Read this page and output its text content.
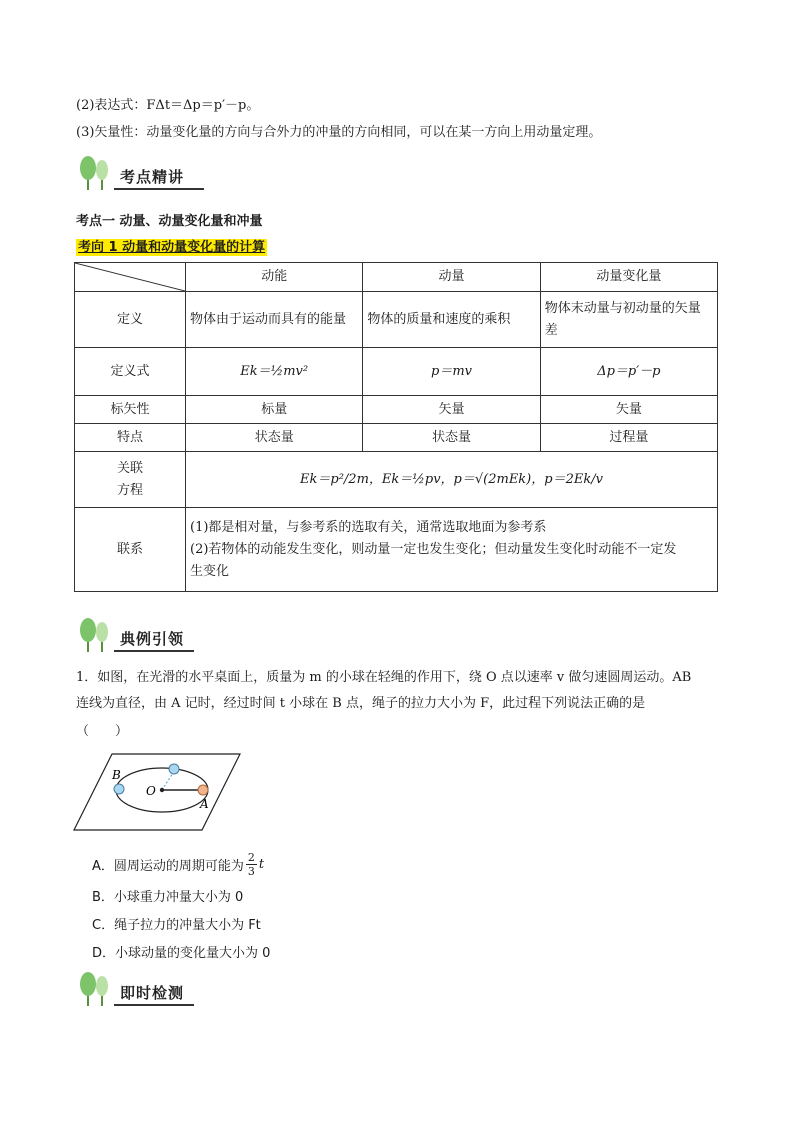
(2)表达式：FΔt＝Δp＝p′－p。
(3)矢量性：动量变化量的方向与合外力的冲量的方向相同，可以在某一方向上用动量定理。
考点精讲
考点一 动量、动量变化量和冲量
考向 1 动量和动量变化量的计算
	动能	动量	动量变化量
定义	物体由于运动而具有的能量	物体的质量和速度的乘积	物体末动量与初动量的矢量差
定义式	Ek＝½mv²	p＝mv	Δp＝p′－p
标矢性	标量	矢量	矢量
特点	状态量	状态量	过程量

关联
方程	Ek＝p²/2m，Ek＝½pv，p＝√(2mEk)，p＝2Ek/v		
联系	(1)都是相对量，与参考系的选取有关，通常选取地面为参考系
(2)若物体的动能发生变化，则动量一定也发生变化；但动量发生变化时动能不一定发
生变化		
典例引领
1．如图，在光滑的水平桌面上，质量为 m 的小球在轻绳的作用下，绕 O 点以速率 v 做匀速圆周运动。AB
连线为直径，由 A 记时，经过时间 t 小球在 B 点，绳子的拉力大小为 F，此过程下列说法正确的是
（　　）
B
O
A
A．圆周运动的周期可能为 $\frac{2}{3}$ t
B．小球重力冲量大小为 0
C．绳子拉力的冲量大小为 Ft
D．小球动量的变化量大小为 0
即时检测
